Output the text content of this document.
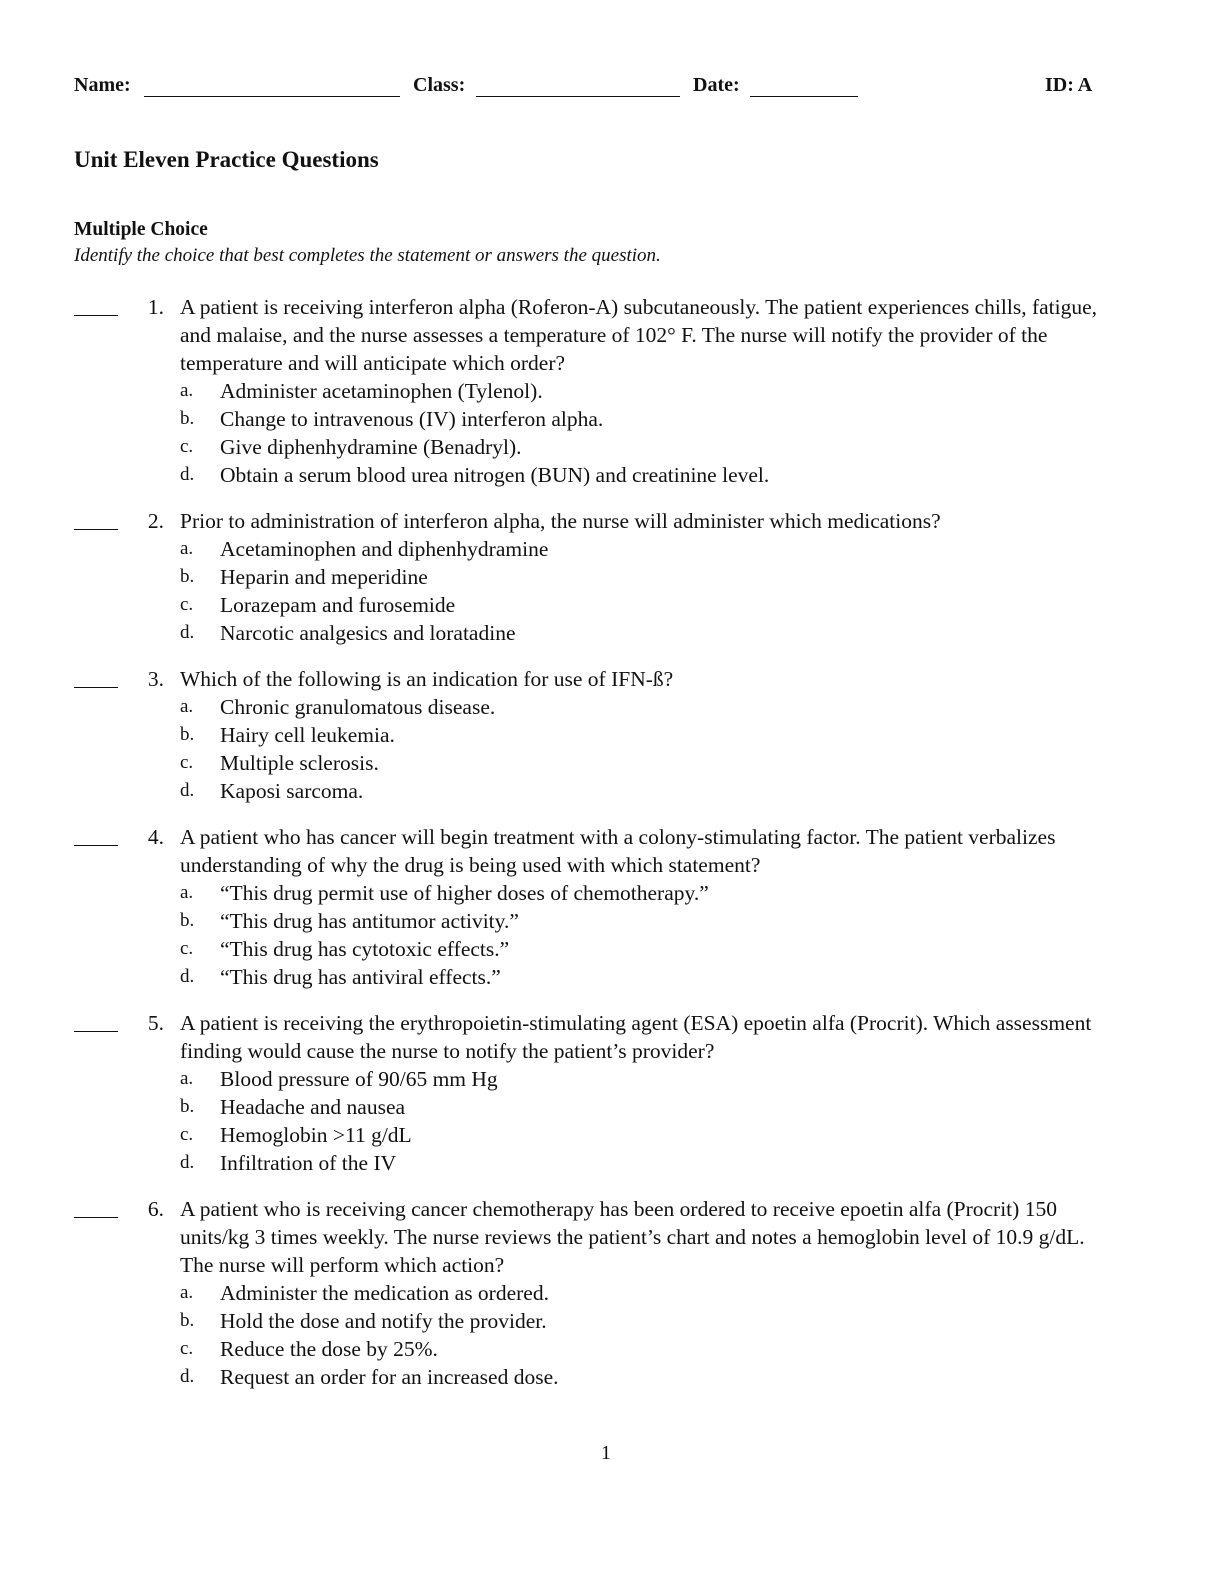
Name:	Class:	Date:	ID: A
Unit Eleven Practice Questions
Multiple Choice
Identify the choice that best completes the statement or answers the question.
1. A patient is receiving interferon alpha (Roferon-A) subcutaneously. The patient experiences chills, fatigue, and malaise, and the nurse assesses a temperature of 102° F. The nurse will notify the provider of the temperature and will anticipate which order?

a. Administer acetaminophen (Tylenol).
b. Change to intravenous (IV) interferon alpha.
c. Give diphenhydramine (Benadryl).
d. Obtain a serum blood urea nitrogen (BUN) and creatinine level.
2. Prior to administration of interferon alpha, the nurse will administer which medications?

a. Acetaminophen and diphenhydramine
b. Heparin and meperidine
c. Lorazepam and furosemide
d. Narcotic analgesics and loratadine
3. Which of the following is an indication for use of IFN-ß?

a. Chronic granulomatous disease.
b. Hairy cell leukemia.
c. Multiple sclerosis.
d. Kaposi sarcoma.
4. A patient who has cancer will begin treatment with a colony-stimulating factor. The patient verbalizes understanding of why the drug is being used with which statement?

a. “This drug permit use of higher doses of chemotherapy.”
b. “This drug has antitumor activity.”
c. “This drug has cytotoxic effects.”
d. “This drug has antiviral effects.”
5. A patient is receiving the erythropoietin-stimulating agent (ESA) epoetin alfa (Procrit). Which assessment finding would cause the nurse to notify the patient’s provider?

a. Blood pressure of 90/65 mm Hg
b. Headache and nausea
c. Hemoglobin >11 g/dL
d. Infiltration of the IV
6. A patient who is receiving cancer chemotherapy has been ordered to receive epoetin alfa (Procrit) 150 units/kg 3 times weekly. The nurse reviews the patient’s chart and notes a hemoglobin level of 10.9 g/dL. The nurse will perform which action?

a. Administer the medication as ordered.
b. Hold the dose and notify the provider.
c. Reduce the dose by 25%.
d. Request an order for an increased dose.
1
